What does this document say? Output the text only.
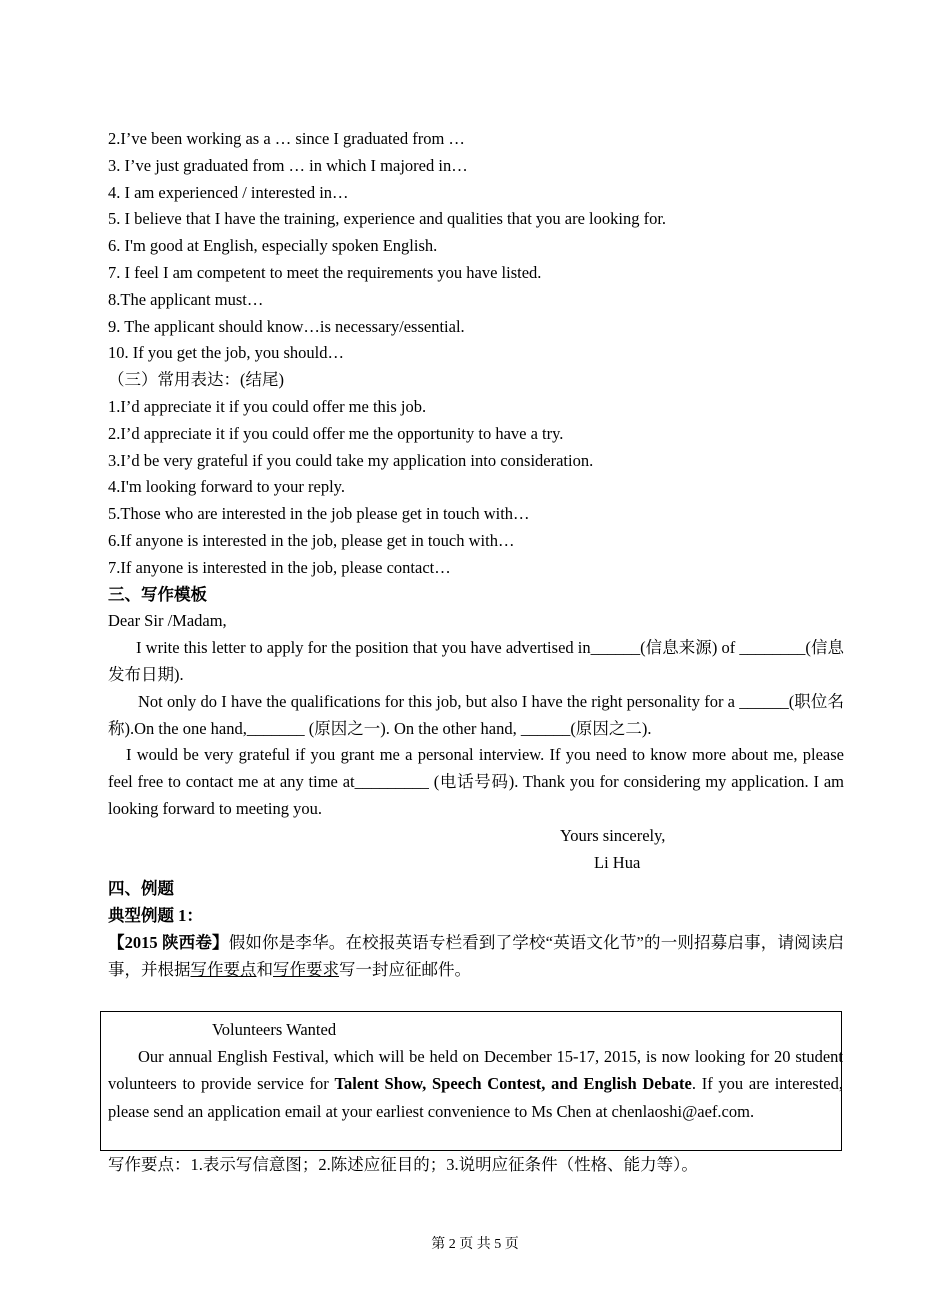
2.I’ve been working as a … since I graduated from …
3. I’ve just graduated from … in which I majored in…
4. I am experienced / interested in…
5. I believe that I have the training, experience and qualities that you are looking for.
6. I'm good at English, especially spoken English.
7. I feel I am competent to meet the requirements you have listed.
8.The applicant must…
9. The applicant should know…is necessary/essential.
10. If you get the job, you should…
（三）常用表达：(结尾)
1.I’d appreciate it if you could offer me this job.
2.I’d appreciate it if you could offer me the opportunity to have a try.
3.I’d be very grateful if you could take my application into consideration.
4.I'm looking forward to your reply.
5.Those who are interested in the job please get in touch with…
6.If anyone is interested in the job, please get in touch with…
7.If anyone is interested in the job, please contact…
三、写作模板
Dear Sir /Madam,
I write this letter to apply for the position that you have advertised in______(信息来源) of ________(信息发布日期).
Not only do I have the qualifications for this job, but also I have the right personality for a ______(职位名称).On the one hand,_______ (原因之一). On the other hand, ______(原因之二).
I would be very grateful if you grant me a personal interview. If you need to know more about me, please feel free to contact me at any time at_________ (电话号码). Thank you for considering my application. I am looking forward to meeting you.
Yours sincerely,
Li Hua
四、例题
典型例题 1：
【2015 陕西卷】假如你是李华。在校报英语专栏看到了学校“英语文化节”的一则招募启事，请阅读启事，并根据写作要点和写作要求写一封应征邮件。
Volunteers Wanted
Our annual English Festival, which will be held on December 15-17, 2015, is now looking for 20 student volunteers to provide service for Talent Show, Speech Contest, and English Debate. If you are interested, please send an application email at your earliest convenience to Ms Chen at chenlaoshi@aef.com.
写作要点：1.表示写信意图；2.陈述应征目的；3.说明应征条件（性格、能力等）。
第 2 页 共 5 页
